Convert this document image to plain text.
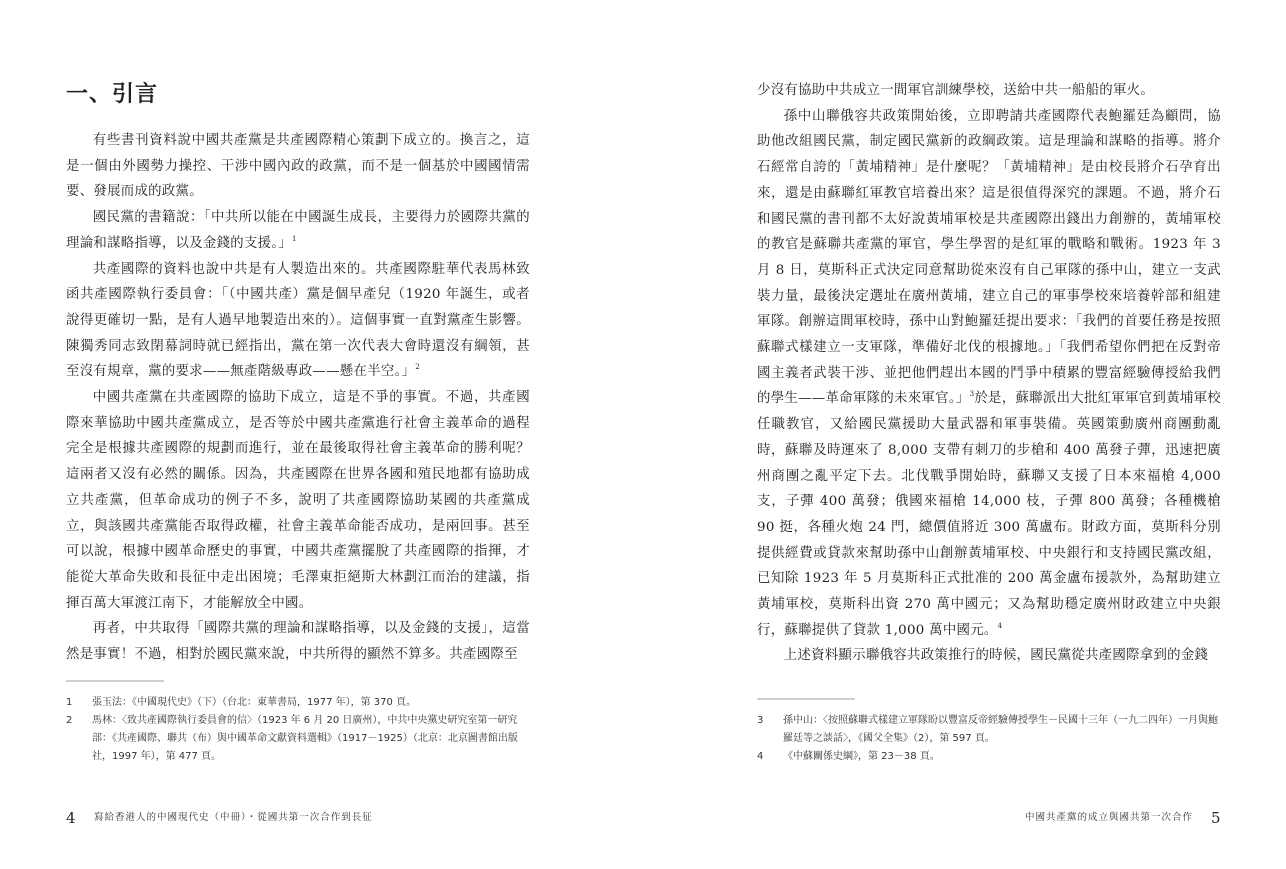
一、引言

有些書刊資料說中國共產黨是共產國際精心策劃下成立的。換言之，這是一個由外國勢力操控、干涉中國內政的政黨，而不是一個基於中國國情需要、發展而成的政黨。

國民黨的書籍說：「中共所以能在中國誕生成長，主要得力於國際共黨的理論和謀略指導，以及金錢的支援。」$^1$

共產國際的資料也說中共是有人製造出來的。共產國際駐華代表馬林致函共產國際執行委員會：「（中國共產）黨是個早產兒（1920 年誕生，或者說得更確切一點，是有人過早地製造出來的）。這個事實一直對黨產生影響。陳獨秀同志致閉幕詞時就已經指出，黨在第一次代表大會時還沒有綱領，甚至沒有規章，黨的要求——無產階級專政——懸在半空。」$^2$

中國共產黨在共產國際的協助下成立，這是不爭的事實。不過，共產國際來華協助中國共產黨成立，是否等於中國共產黨進行社會主義革命的過程完全是根據共產國際的規劃而進行，並在最後取得社會主義革命的勝利呢？這兩者又沒有必然的關係。因為，共產國際在世界各國和殖民地都有協助成立共產黨，但革命成功的例子不多，說明了共產國際協助某國的共產黨成立，與該國共產黨能否取得政權，社會主義革命能否成功，是兩回事。甚至可以說，根據中國革命歷史的事實，中國共產黨擺脫了共產國際的指揮，才能從大革命失敗和長征中走出困境；毛澤東拒絕斯大林劃江而治的建議，指揮百萬大軍渡江南下，才能解放全中國。

再者，中共取得「國際共黨的理論和謀略指導，以及金錢的支援」，這當然是事實！不過，相對於國民黨來說，中共所得的顯然不算多。共產國際至

1	張玉法：《中國現代史》（下）（台北：東華書局，1977 年），第 370 頁。
2	馬林：〈致共產國際執行委員會的信〉（1923 年 6 月 20 日廣州），中共中央黨史研究室第一研究部：《共產國際、聯共（布）與中國革命文獻資料選輯》（1917－1925）（北京：北京圖書館出版社，1997 年），第 477 頁。
4 寫給香港人的中國現代史（中冊）・從國共第一次合作到長征

少沒有協助中共成立一間軍官訓練學校，送給中共一船船的軍火。

孫中山聯俄容共政策開始後，立即聘請共產國際代表鮑羅廷為顧問，協助他改組國民黨，制定國民黨新的政綱政策。這是理論和謀略的指導。將介石經常自誇的「黃埔精神」是什麼呢？「黃埔精神」是由校長將介石孕育出來，還是由蘇聯紅軍教官培養出來？這是很值得深究的課題。不過，將介石和國民黨的書刊都不太好說黃埔軍校是共產國際出錢出力創辦的，黃埔軍校的教官是蘇聯共產黨的軍官，學生學習的是紅軍的戰略和戰術。1923 年 3 月 8 日，莫斯科正式決定同意幫助從來沒有自己軍隊的孫中山，建立一支武裝力量，最後決定選址在廣州黃埔，建立自己的軍事學校來培養幹部和組建軍隊。創辦這間軍校時，孫中山對鮑羅廷提出要求：「我們的首要任務是按照蘇聯式樣建立一支軍隊，準備好北伐的根據地。」「我們希望你們把在反對帝國主義者武裝干涉、並把他們趕出本國的鬥爭中積累的豐富經驗傳授給我們的學生——革命軍隊的未來軍官。」$^3$於是，蘇聯派出大批紅軍軍官到黃埔軍校任職教官，又給國民黨援助大量武器和軍事裝備。英國策動廣州商團動亂時，蘇聯及時運來了 8,000 支帶有刺刀的步槍和 400 萬發子彈，迅速把廣州商團之亂平定下去。北伐戰爭開始時，蘇聯又支援了日本來福槍 4,000 支，子彈 400 萬發；俄國來福槍 14,000 枝，子彈 800 萬發；各種機槍 90 挺，各種火炮 24 門，總價值將近 300 萬盧布。財政方面，莫斯科分別提供經費或貸款來幫助孫中山創辦黃埔軍校、中央銀行和支持國民黨改組，已知除 1923 年 5 月莫斯科正式批准的 200 萬金盧布援款外，為幫助建立黃埔軍校，莫斯科出資 270 萬中國元；又為幫助穩定廣州財政建立中央銀行，蘇聯提供了貸款 1,000 萬中國元。$^4$

上述資料顯示聯俄容共政策推行的時候，國民黨從共產國際拿到的金錢

3	孫中山：〈按照蘇聯式樣建立軍隊盼以豐富反帝經驗傳授學生－民國十三年（一九二四年）一月與鮑羅廷等之談話〉，《國父全集》（2），第 597 頁。
4	《中蘇關係史綱》，第 23－38 頁。
中國共產黨的成立與國共第一次合作 5
